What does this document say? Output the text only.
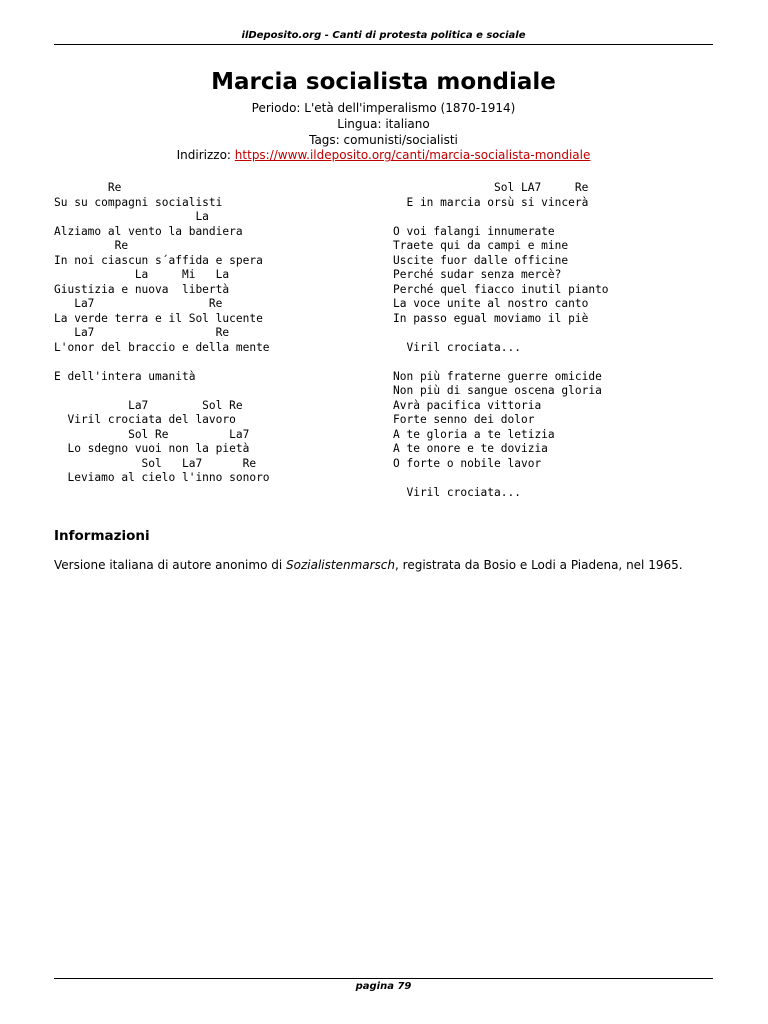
ilDeposito.org - Canti di protesta politica e sociale
Marcia socialista mondiale
Periodo: L'età dell'imperalismo (1870-1914)
Lingua: italiano
Tags: comunisti/socialisti
Indirizzo: https://www.ildeposito.org/canti/marcia-socialista-mondiale
Re
Su su compagni socialisti
La
Alziamo al vento la bandiera
Re
In noi ciascun s´affida e spera
La     Mi   La
Giustizia e nuova  libertà
La7                 Re
La verde terra e il Sol lucente
La7                  Re
L'onor del braccio e della mente

E dell'intera umanità

La7        Sol Re
Viril crociata del lavoro
Sol Re         La7
Lo sdegno vuoi non la pietà
Sol   La7      Re
Leviamo al cielo l'inno sonoro
Sol LA7     Re
E in marcia orsù si vincerà

O voi falangi innumerate
Traete qui da campi e mine
Uscite fuor dalle officine
Perché sudar senza mercè?
Perché quel fiacco inutil pianto
La voce unite al nostro canto
In passo egual moviamo il piè

Viril crociata...

Non più fraterne guerre omicide
Non più di sangue oscena gloria
Avrà pacifica vittoria
Forte senno dei dolor
A te gloria a te letizia
A te onore e te dovizia
O forte o nobile lavor

Viril crociata...
Informazioni
Versione italiana di autore anonimo di Sozialistenmarsch, registrata da Bosio e Lodi a Piadena, nel 1965.
pagina 79
